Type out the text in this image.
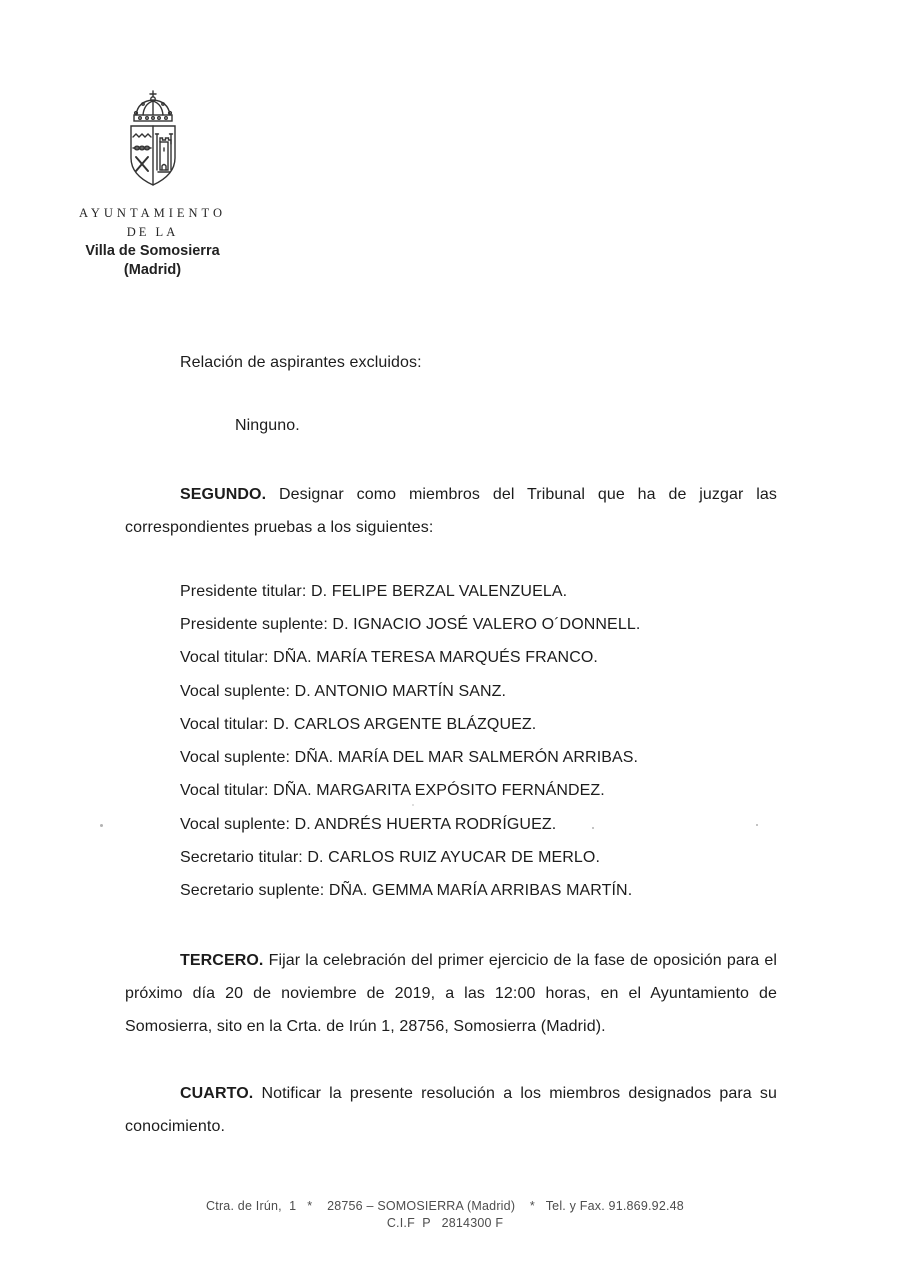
AYUNTAMIENTO
DE LA
Villa de Somosierra
(Madrid)
Relación de aspirantes excluidos:
Ninguno.
SEGUNDO. Designar como miembros del Tribunal que ha de juzgar las
correspondientes pruebas a los siguientes:
Presidente titular: D. FELIPE BERZAL VALENZUELA.
Presidente suplente: D. IGNACIO JOSÉ VALERO O´DONNELL.
Vocal titular: DÑA. MARÍA TERESA MARQUÉS FRANCO.
Vocal suplente: D. ANTONIO MARTÍN SANZ.
Vocal titular: D. CARLOS ARGENTE BLÁZQUEZ.
Vocal suplente: DÑA. MARÍA DEL MAR SALMERÓN ARRIBAS.
Vocal titular: DÑA. MARGARITA EXPÓSITO FERNÁNDEZ.
Vocal suplente: D. ANDRÉS HUERTA RODRÍGUEZ.
Secretario titular: D. CARLOS RUIZ AYUCAR DE MERLO.
Secretario suplente: DÑA. GEMMA MARÍA ARRIBAS MARTÍN.
TERCERO. Fijar la celebración del primer ejercicio de la fase de oposición para el
próximo día 20 de noviembre de 2019, a las 12:00 horas, en el Ayuntamiento de
Somosierra, sito en la Crta. de Irún 1, 28756, Somosierra (Madrid).
CUARTO. Notificar la presente resolución a los miembros designados para su
conocimiento.
Ctra. de Irún,  1   *    28756 – SOMOSIERRA (Madrid)    *   Tel. y Fax. 91.869.92.48
C.I.F  P   2814300 F
